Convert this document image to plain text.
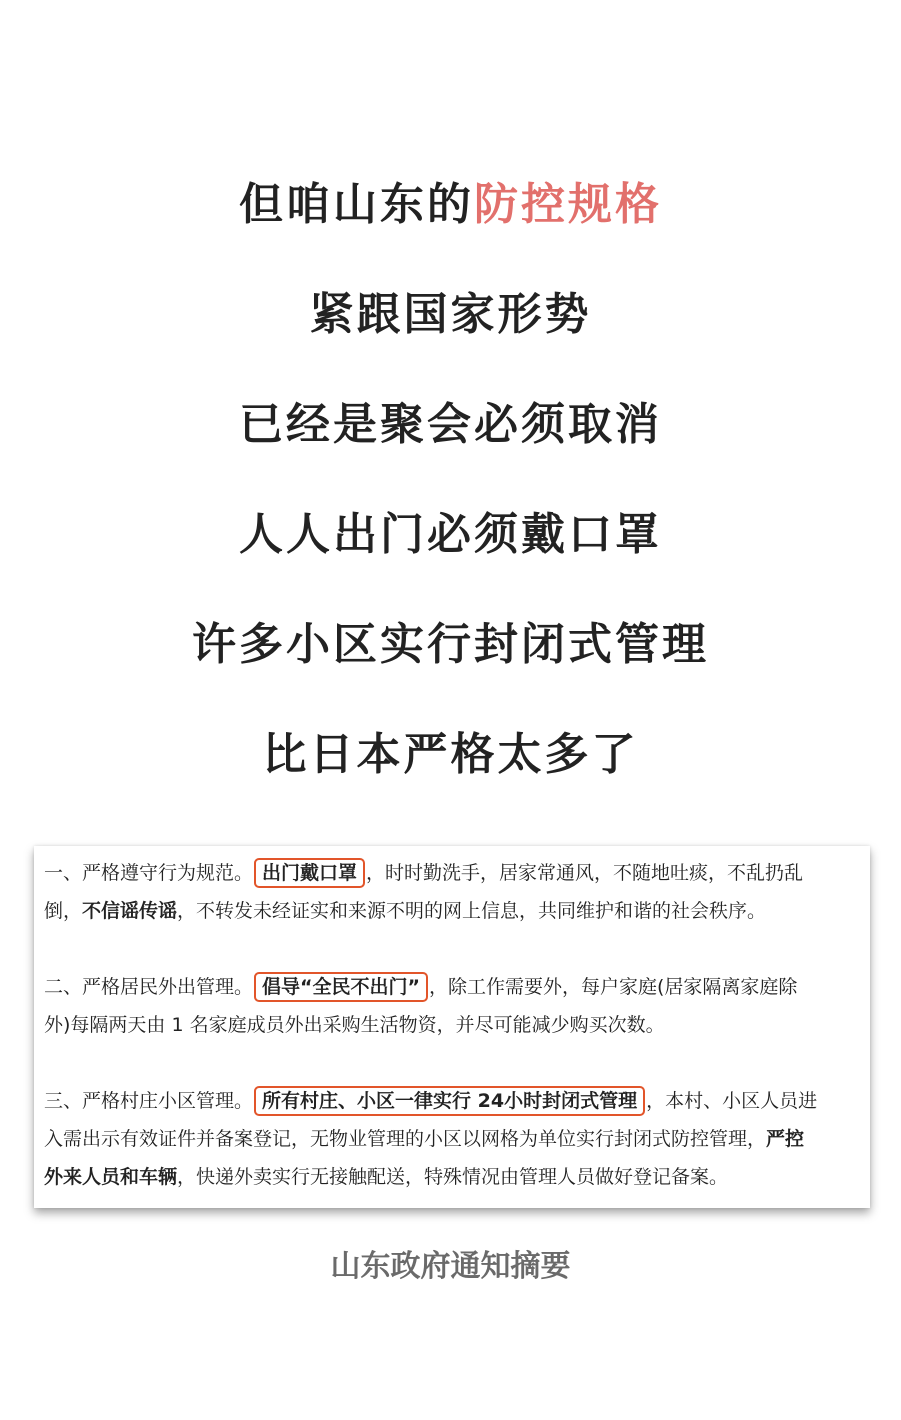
但咱山东的防控规格
紧跟国家形势
已经是聚会必须取消
人人出门必须戴口罩
许多小区实行封闭式管理
比日本严格太多了
一、严格遵守行为规范。 出门戴口罩 ，时时勤洗手，居家常通风，不随地吐痰，不乱扔乱
倒，不信谣传谣，不转发未经证实和来源不明的网上信息，共同维护和谐的社会秩序。
二、严格居民外出管理。 倡导“全民不出门” ，除工作需要外，每户家庭(居家隔离家庭除
外)每隔两天由 1 名家庭成员外出采购生活物资，并尽可能减少购买次数。
三、严格村庄小区管理。 所有村庄、小区一律实行 24小时封闭式管理 ，本村、小区人员进
入需出示有效证件并备案登记，无物业管理的小区以网格为单位实行封闭式防控管理，严控
外来人员和车辆，快递外卖实行无接触配送，特殊情况由管理人员做好登记备案。
山东政府通知摘要
